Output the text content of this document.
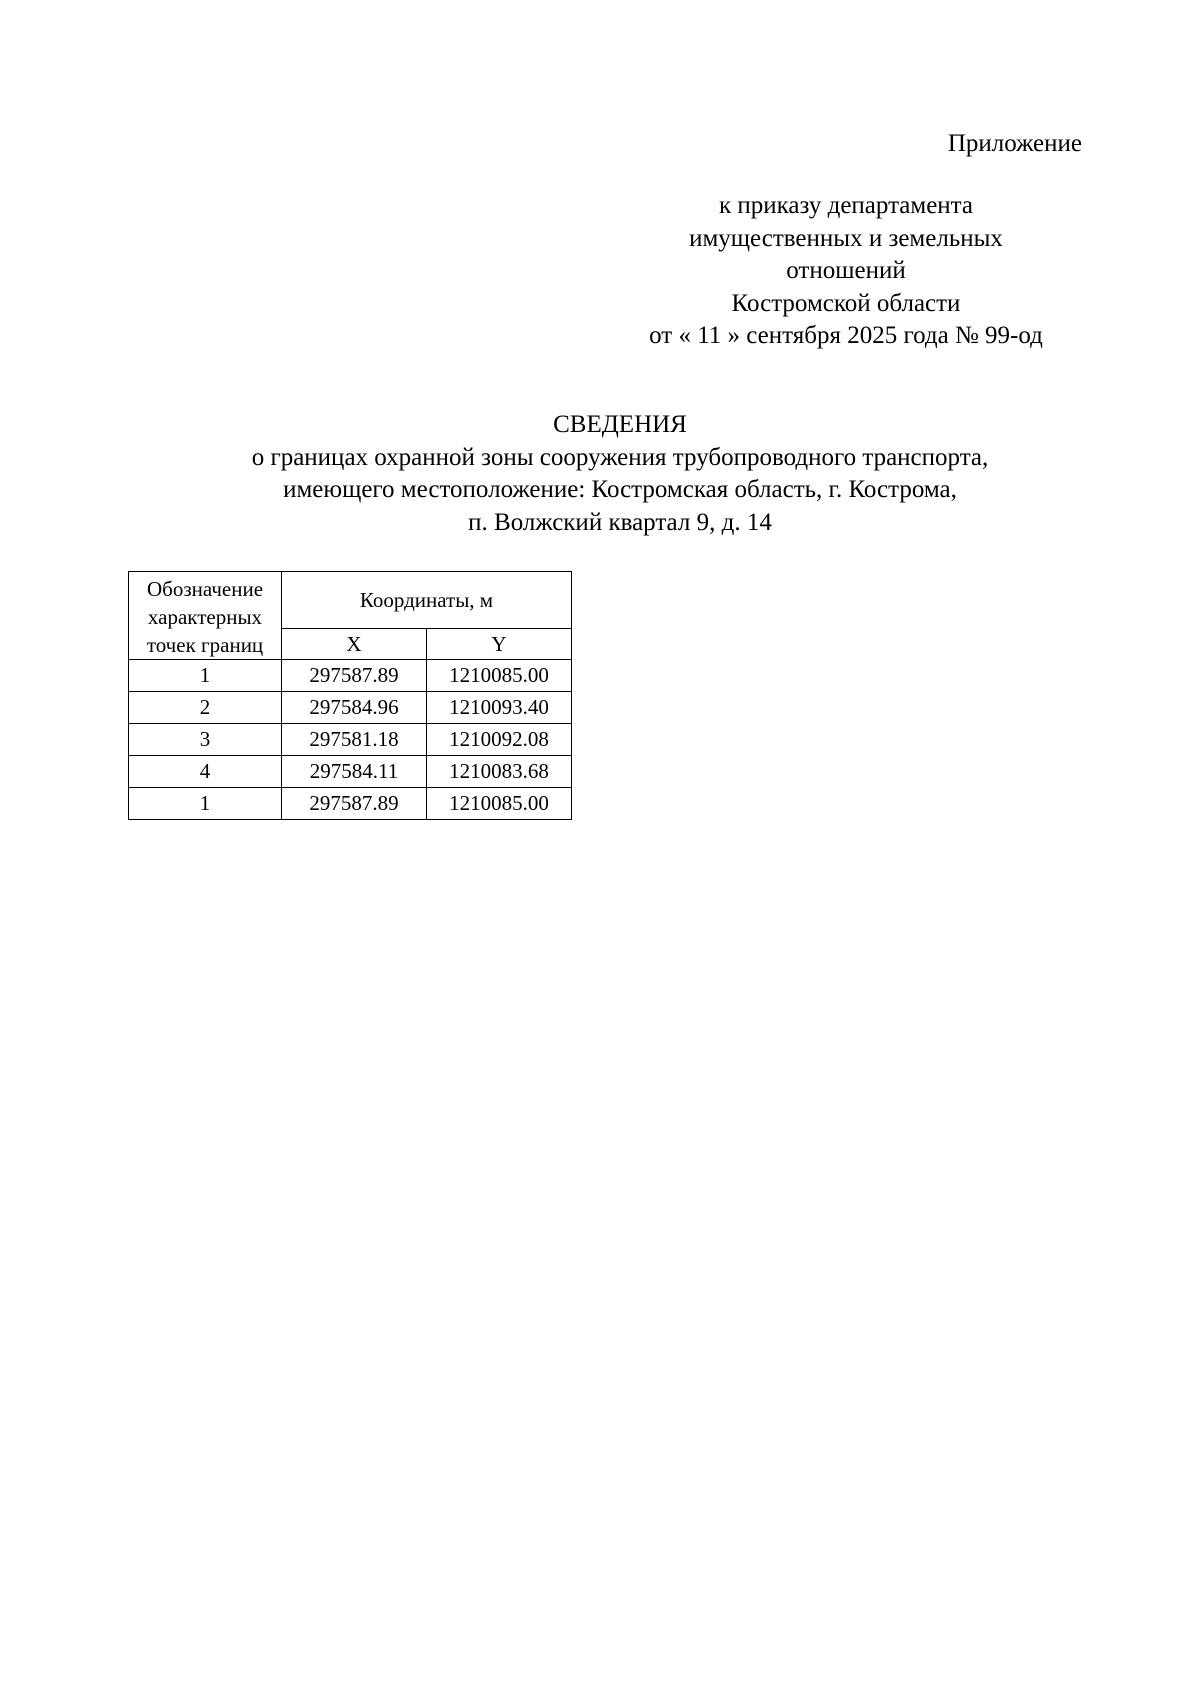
Приложение
к приказу департамента
имущественных и земельных
отношений
Костромской области
от « 11 » сентября 2025 года № 99-од
СВЕДЕНИЯ
о границах охранной зоны сооружения трубопроводного транспорта,
имеющего местоположение: Костромская область, г. Кострома,
п. Волжский квартал 9, д. 14
Обозначение
характерных
точек границ	Координаты, м	
	X	Y
1	297587.89	1210085.00
2	297584.96	1210093.40
3	297581.18	1210092.08
4	297584.11	1210083.68
1	297587.89	1210085.00
